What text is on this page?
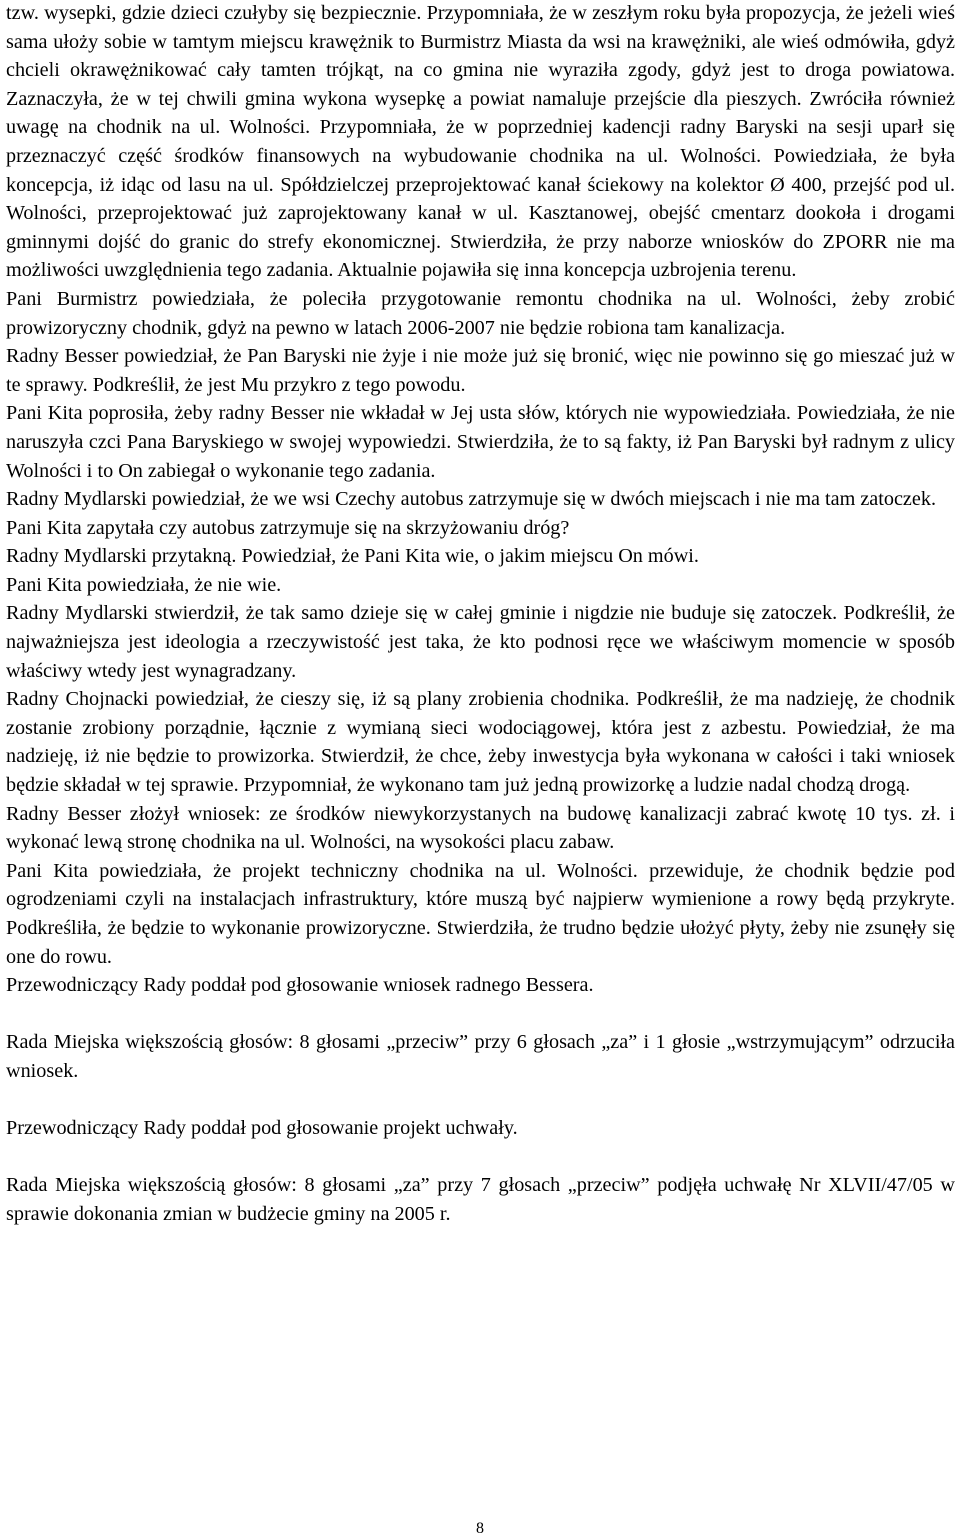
tzw. wysepki, gdzie dzieci czułyby się bezpiecznie. Przypomniała, że w zeszłym roku była propozycja, że jeżeli wieś sama ułoży sobie w tamtym miejscu krawężnik to Burmistrz Miasta da wsi na krawężniki, ale wieś odmówiła, gdyż chcieli okrawężnikować cały tamten trójkąt, na co gmina nie wyraziła zgody, gdyż jest to droga powiatowa. Zaznaczyła, że w tej chwili gmina wykona wysepkę a powiat namaluje przejście dla pieszych. Zwróciła również uwagę na chodnik na ul. Wolności. Przypomniała, że w poprzedniej kadencji radny Baryski na sesji uparł się przeznaczyć część środków finansowych na wybudowanie chodnika na ul. Wolności. Powiedziała, że była koncepcja, iż idąc od lasu na ul. Spółdzielczej przeprojektować kanał ściekowy na kolektor Ø 400, przejść pod ul. Wolności, przeprojektować już zaprojektowany kanał w ul. Kasztanowej, obejść cmentarz dookoła i drogami gminnymi dojść do granic do strefy ekonomicznej. Stwierdziła, że przy naborze wniosków do ZPORR nie ma możliwości uwzględnienia tego zadania. Aktualnie pojawiła się inna koncepcja uzbrojenia terenu.

Pani Burmistrz powiedziała, że poleciła przygotowanie remontu chodnika na ul. Wolności, żeby zrobić prowizoryczny chodnik, gdyż na pewno w latach 2006-2007 nie będzie robiona tam kanalizacja.

Radny Besser powiedział, że Pan Baryski nie żyje i nie może już się bronić, więc nie powinno się go mieszać już w te sprawy. Podkreślił, że jest Mu przykro z tego powodu.

Pani Kita poprosiła, żeby radny Besser nie wkładał w Jej usta słów, których nie wypowiedziała. Powiedziała, że nie naruszyła czci Pana Baryskiego w swojej wypowiedzi. Stwierdziła, że to są fakty, iż Pan Baryski był radnym z ulicy Wolności i to On zabiegał o wykonanie tego zadania.

Radny Mydlarski powiedział, że we wsi Czechy autobus zatrzymuje się w dwóch miejscach i nie ma tam zatoczek.

Pani Kita zapytała czy autobus zatrzymuje się na skrzyżowaniu dróg?

Radny Mydlarski przytakną. Powiedział, że Pani Kita wie, o jakim miejscu On mówi.

Pani Kita powiedziała, że nie wie.

Radny Mydlarski stwierdził, że tak samo dzieje się w całej gminie i nigdzie nie buduje się zatoczek. Podkreślił, że najważniejsza jest ideologia a rzeczywistość jest taka, że kto podnosi ręce we właściwym momencie w sposób właściwy wtedy jest wynagradzany.

Radny Chojnacki powiedział, że cieszy się, iż są plany zrobienia chodnika. Podkreślił, że ma nadzieję, że chodnik zostanie zrobiony porządnie, łącznie z wymianą sieci wodociągowej, która jest z azbestu. Powiedział, że ma nadzieję, iż nie będzie to prowizorka. Stwierdził, że chce, żeby inwestycja była wykonana w całości i taki wniosek będzie składał w tej sprawie. Przypomniał, że wykonano tam już jedną prowizorkę a ludzie nadal chodzą drogą.

Radny Besser złożył wniosek: ze środków niewykorzystanych na budowę kanalizacji zabrać kwotę 10 tys. zł. i wykonać lewą stronę chodnika na ul. Wolności, na wysokości placu zabaw.

Pani Kita powiedziała, że projekt techniczny chodnika na ul. Wolności. przewiduje, że chodnik będzie pod ogrodzeniami czyli na instalacjach infrastruktury, które muszą być najpierw wymienione a rowy będą przykryte. Podkreśliła, że będzie to wykonanie prowizoryczne. Stwierdziła, że trudno będzie ułożyć płyty, żeby nie zsunęły się one do rowu.

Przewodniczący Rady poddał pod głosowanie wniosek radnego Bessera.

Rada Miejska większością głosów: 8 głosami „przeciw” przy 6 głosach „za” i 1 głosie „wstrzymującym” odrzuciła wniosek.

Przewodniczący Rady poddał pod głosowanie projekt uchwały.

Rada Miejska większością głosów: 8 głosami „za” przy 7 głosach „przeciw” podjęła uchwałę Nr XLVII/47/05 w sprawie dokonania zmian w budżecie gminy na 2005 r.

8
